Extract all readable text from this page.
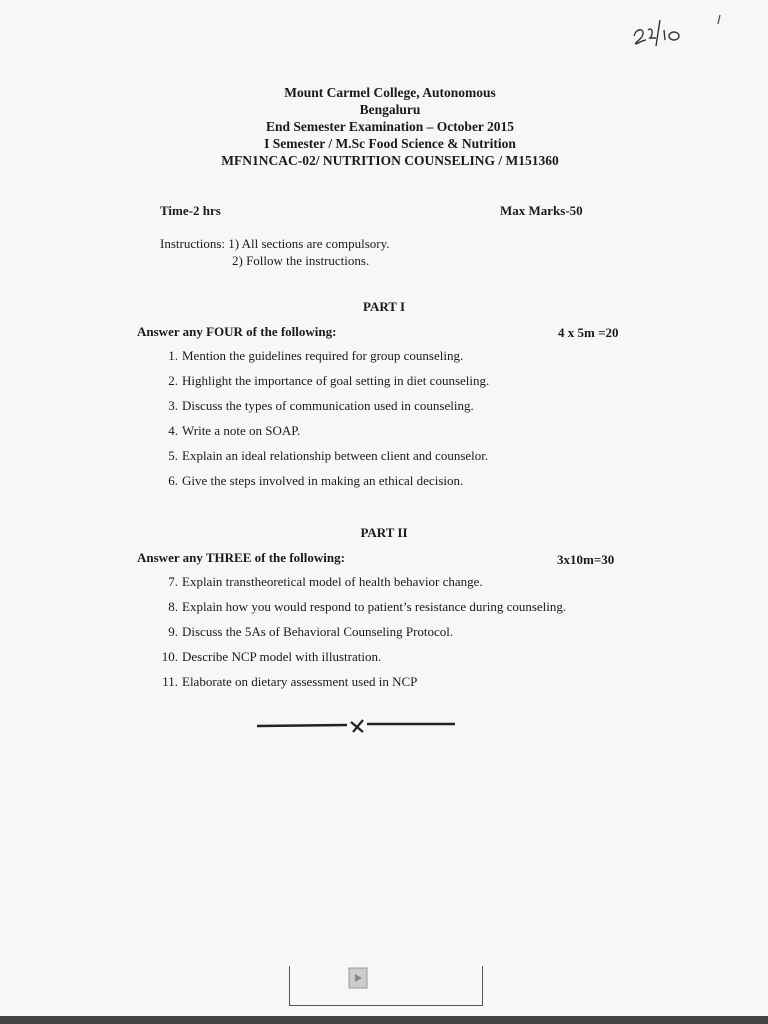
Mount Carmel College, Autonomous
Bengaluru
End Semester Examination – October 2015
I Semester / M.Sc Food Science & Nutrition
MFN1NCAC-02/ NUTRITION COUNSELING / M151360
Time-2 hrs	Max Marks-50
Instructions: 1) All sections are compulsory.
2) Follow the instructions.
PART I
Answer any FOUR of the following:	4 x 5m =20
1. Mention the guidelines required for group counseling.
2. Highlight the importance of goal setting in diet counseling.
3. Discuss the types of communication used in counseling.
4. Write a note on SOAP.
5. Explain an ideal relationship between client and counselor.
6. Give the steps involved in making an ethical decision.
PART II
Answer any THREE of the following:	3x10m=30
7. Explain transtheoretical model of health behavior change.
8. Explain how you would respond to patient’s resistance during counseling.
9. Discuss the 5As of Behavioral Counseling Protocol.
10. Describe NCP model with illustration.
11. Elaborate on dietary assessment used in NCP
